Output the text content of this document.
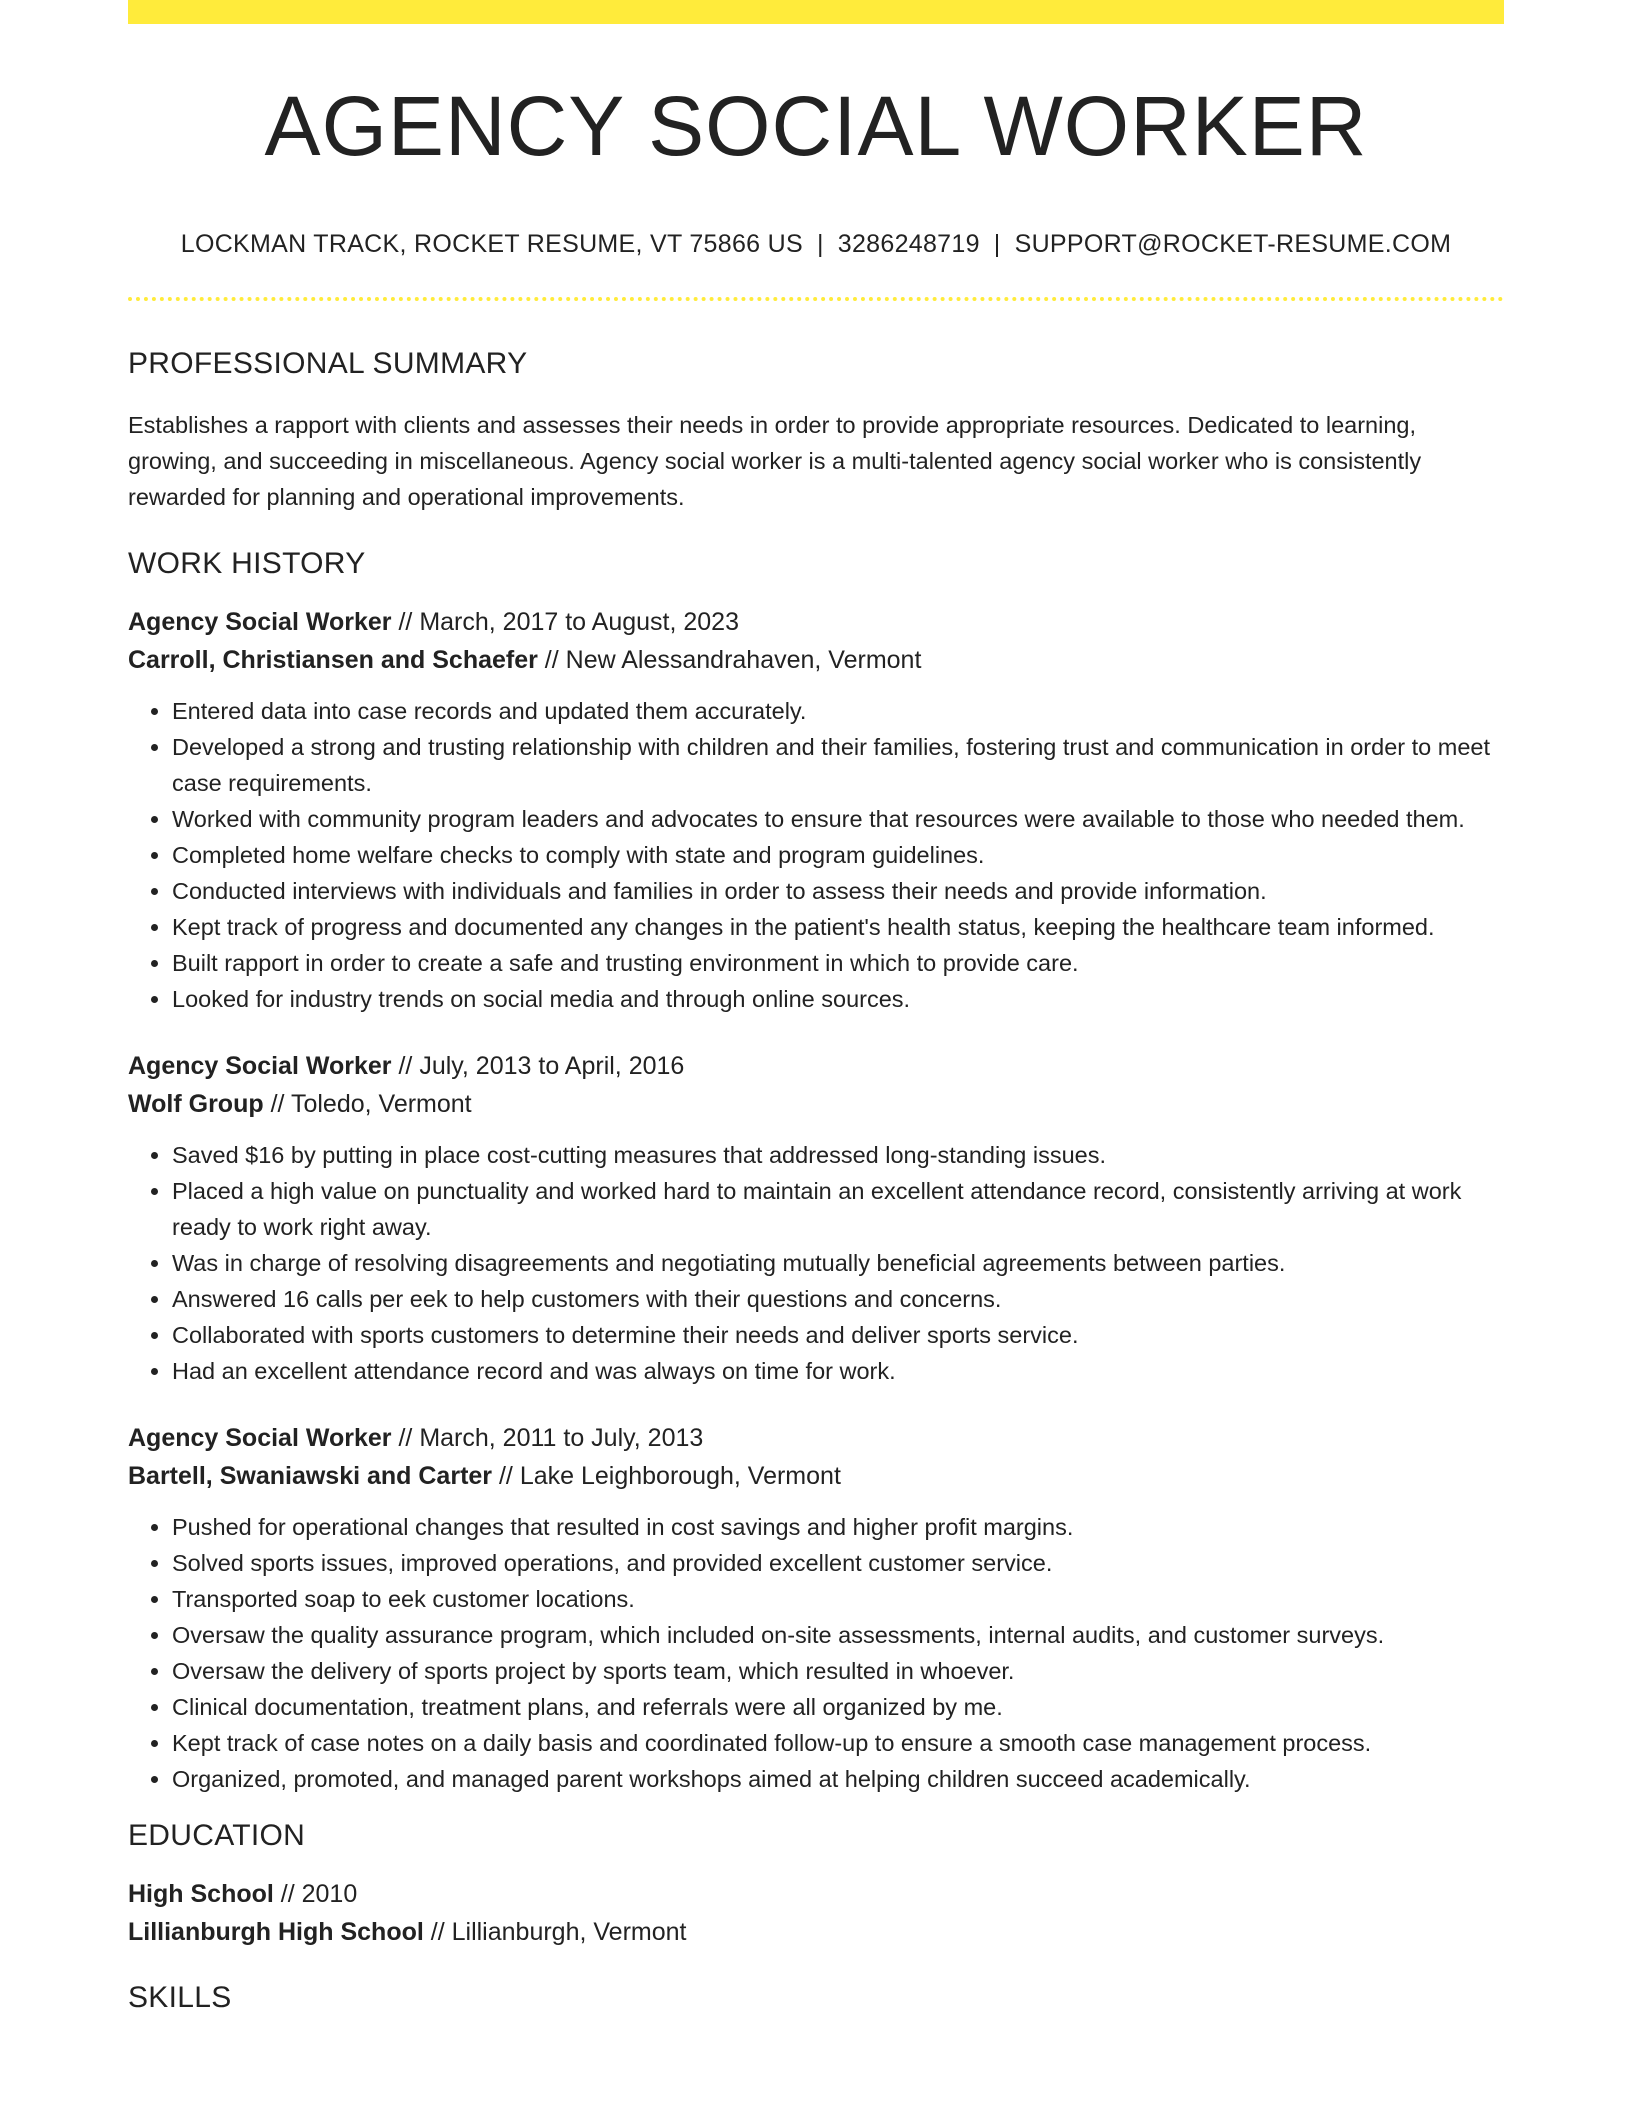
AGENCY SOCIAL WORKER
LOCKMAN TRACK, ROCKET RESUME, VT 75866 US | 3286248719 | SUPPORT@ROCKET-RESUME.COM
PROFESSIONAL SUMMARY
Establishes a rapport with clients and assesses their needs in order to provide appropriate resources. Dedicated to learning, growing, and succeeding in miscellaneous. Agency social worker is a multi-talented agency social worker who is consistently rewarded for planning and operational improvements.
WORK HISTORY
Agency Social Worker // March, 2017 to August, 2023
Carroll, Christiansen and Schaefer // New Alessandrahaven, Vermont
• Entered data into case records and updated them accurately.
• Developed a strong and trusting relationship with children and their families, fostering trust and communication in order to meet case requirements.
• Worked with community program leaders and advocates to ensure that resources were available to those who needed them.
• Completed home welfare checks to comply with state and program guidelines.
• Conducted interviews with individuals and families in order to assess their needs and provide information.
• Kept track of progress and documented any changes in the patient's health status, keeping the healthcare team informed.
• Built rapport in order to create a safe and trusting environment in which to provide care.
• Looked for industry trends on social media and through online sources.
Agency Social Worker // July, 2013 to April, 2016
Wolf Group // Toledo, Vermont
• Saved $16 by putting in place cost-cutting measures that addressed long-standing issues.
• Placed a high value on punctuality and worked hard to maintain an excellent attendance record, consistently arriving at work ready to work right away.
• Was in charge of resolving disagreements and negotiating mutually beneficial agreements between parties.
• Answered 16 calls per eek to help customers with their questions and concerns.
• Collaborated with sports customers to determine their needs and deliver sports service.
• Had an excellent attendance record and was always on time for work.
Agency Social Worker // March, 2011 to July, 2013
Bartell, Swaniawski and Carter // Lake Leighborough, Vermont
• Pushed for operational changes that resulted in cost savings and higher profit margins.
• Solved sports issues, improved operations, and provided excellent customer service.
• Transported soap to eek customer locations.
• Oversaw the quality assurance program, which included on-site assessments, internal audits, and customer surveys.
• Oversaw the delivery of sports project by sports team, which resulted in whoever.
• Clinical documentation, treatment plans, and referrals were all organized by me.
• Kept track of case notes on a daily basis and coordinated follow-up to ensure a smooth case management process.
• Organized, promoted, and managed parent workshops aimed at helping children succeed academically.
EDUCATION
High School // 2010
Lillianburgh High School // Lillianburgh, Vermont
SKILLS
